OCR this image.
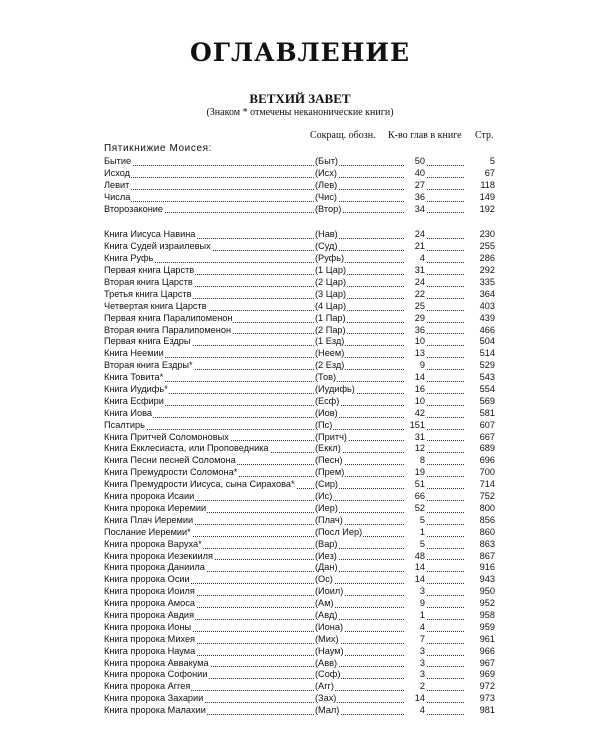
ОГЛАВЛЕНИЕ
ВЕТХИЙ ЗАВЕТ
(Знаком * отмечены неканонические книги)
Сокращ. обозн. К-во глав в книге Стр.
Пятикнижие Моисея:
Бытие	(Быт)	50	5
Исход	(Исх)	40	67
Левит	(Лев)	27	118
Числа	(Чис)	36	149
Второзаконие	(Втор)	34	192
Книга Иисуса Навина	(Нав)	24	230
Книга Судей израилевых	(Суд)	21	255
Книга Руфь	(Руфь)	4	286
Первая книга Царств	(1 Цар)	31	292
Вторая книга Царств	(2 Цар)	24	335
Третья книга Царств	(3 Цар)	22	364
Четвертая книга Царств	(4 Цар)	25	403
Первая книга Паралипоменон	(1 Пар)	29	439
Вторая книга Паралипоменон	(2 Пар)	36	466
Первая книга Ездры	(1 Езд)	10	504
Книга Неемии	(Неем)	13	514
Вторая книга Ездры*	(2 Езд)	9	529
Книга Товита*	(Тов)	14	543
Книга Иудифь*	(Иудифь)	16	554
Книга Есфири	(Есф)	10	569
Книга Иова	(Иов)	42	581
Псалтирь	(Пс)	151	607
Книга Притчей Соломоновых	(Притч)	31	667
Книга Екклесиаста, или Проповедника	(Еккл)	12	689
Книга Песни песней Соломона	(Песн)	8	696
Книга Премудрости Соломона*	(Прем)	19	700
Книга Премудрости Иисуса, сына Сирахова* (Сир)	51	714
Книга пророка Исаии	(Ис)	66	752
Книга пророка Иеремии	(Иер)	52	800
Книга Плач Иеремии	(Плач)	5	856
Послание Иеремии*	(Посл Иер)	1	860
Книга пророка Варуха*	(Вар)	5	863
Книга пророка Иезекииля	(Иез)	48	867
Книга пророка Даниила	(Дан)	14	916
Книга пророка Осии	(Ос)	14	943
Книга пророка Иоиля	(Иоил)	3	950
Книга пророка Амоса	(Ам)	9	952
Книга пророка Авдия	(Авд)	1	958
Книга пророка Ионы	(Иона)	4	959
Книга пророка Михея	(Мих)	7	961
Книга пророка Наума	(Наум)	3	966
Книга пророка Аввакума	(Авв)	3	967
Книга пророка Софонии	(Соф)	3	969
Книга пророка Аггея	(Агг)	2	972
Книга пророка Захарии	(Зах)	14	973
Книга пророка Малахии	(Мал)	4	981
